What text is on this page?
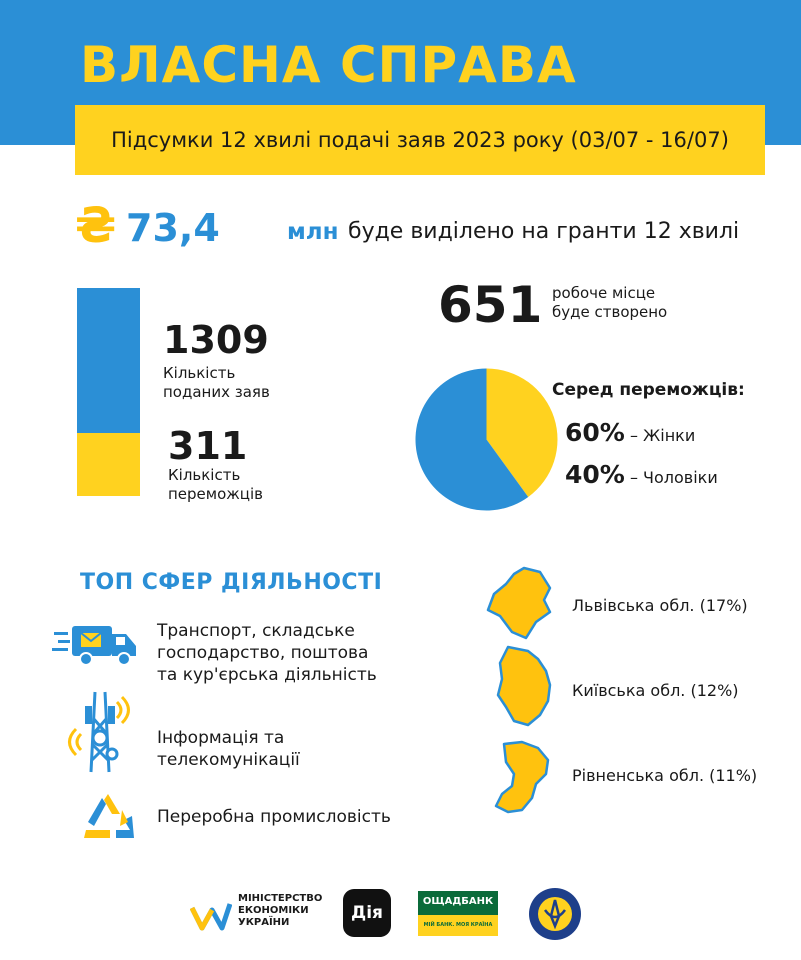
ВЛАСНА СПРАВА
Підсумки 12 хвилі подачі заяв 2023 року (03/07 - 16/07)
₴ 73,4	млн буде виділено на гранти 12 хвилі
1309
Кількість
поданих заяв
311
Кількість
переможців
651 робоче місце
буде створено
Серед переможців:
60% – Жінки
40% – Чоловіки
ТОП СФЕР ДІЯЛЬНОСТІ
Транспорт, складське
господарство, поштова
та кур'єрська діяльність
Інформація та
телекомунікації
Переробна промисловість
Львівська обл. (17%)
Київська обл. (12%)
Рівненська обл. (11%)
МІНІСТЕРСТВО
ЕКОНОМІКИ
УКРАЇНИ	Дія
ОЩАДБАНК
МІЙ БАНК. МОЯ КРАЇНА
